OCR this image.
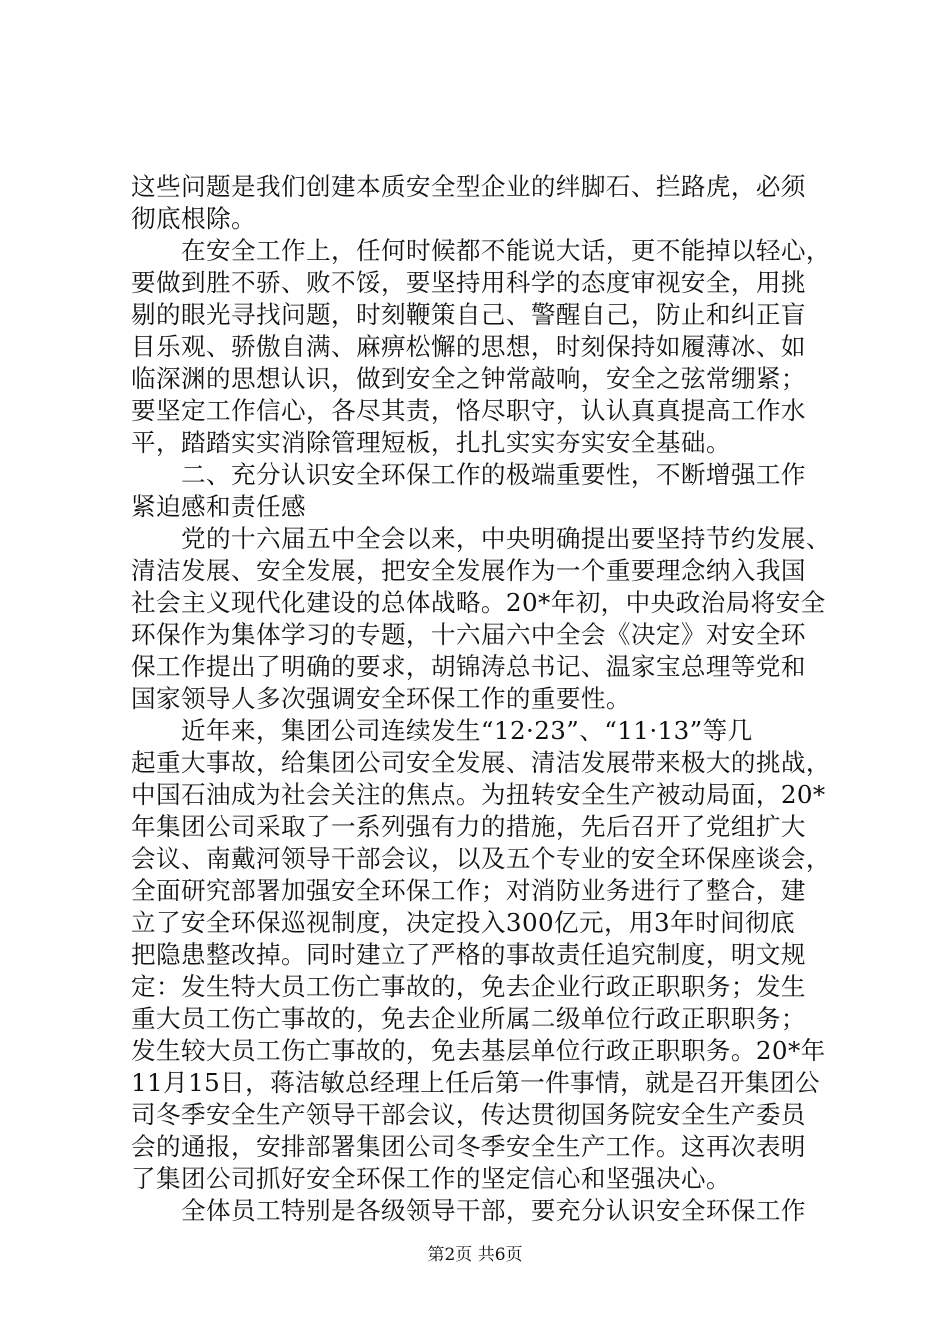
这些问题是我们创建本质安全型企业的绊脚石、拦路虎，必须
彻底根除。
在安全工作上，任何时候都不能说大话，更不能掉以轻心，
要做到胜不骄、败不馁，要坚持用科学的态度审视安全，用挑
剔的眼光寻找问题，时刻鞭策自己、警醒自己，防止和纠正盲
目乐观、骄傲自满、麻痹松懈的思想，时刻保持如履薄冰、如
临深渊的思想认识，做到安全之钟常敲响，安全之弦常绷紧；
要坚定工作信心，各尽其责，恪尽职守，认认真真提高工作水
平，踏踏实实消除管理短板，扎扎实实夯实安全基础。
二、充分认识安全环保工作的极端重要性，不断增强工作
紧迫感和责任感
党的十六届五中全会以来，中央明确提出要坚持节约发展、
清洁发展、安全发展，把安全发展作为一个重要理念纳入我国
社会主义现代化建设的总体战略。20*年初，中央政治局将安全
环保作为集体学习的专题，十六届六中全会《决定》对安全环
保工作提出了明确的要求，胡锦涛总书记、温家宝总理等党和
国家领导人多次强调安全环保工作的重要性。
近年来，集团公司连续发生“12·23”、“11·13”等几
起重大事故，给集团公司安全发展、清洁发展带来极大的挑战，
中国石油成为社会关注的焦点。为扭转安全生产被动局面，20*
年集团公司采取了一系列强有力的措施，先后召开了党组扩大
会议、南戴河领导干部会议，以及五个专业的安全环保座谈会，
全面研究部署加强安全环保工作；对消防业务进行了整合，建
立了安全环保巡视制度，决定投入300亿元，用3年时间彻底
把隐患整改掉。同时建立了严格的事故责任追究制度，明文规
定：发生特大员工伤亡事故的，免去企业行政正职职务；发生
重大员工伤亡事故的，免去企业所属二级单位行政正职职务；
发生较大员工伤亡事故的，免去基层单位行政正职职务。20*年
11月15日，蒋洁敏总经理上任后第一件事情，就是召开集团公
司冬季安全生产领导干部会议，传达贯彻国务院安全生产委员
会的通报，安排部署集团公司冬季安全生产工作。这再次表明
了集团公司抓好安全环保工作的坚定信心和坚强决心。
全体员工特别是各级领导干部，要充分认识安全环保工作
第2页 共6页
